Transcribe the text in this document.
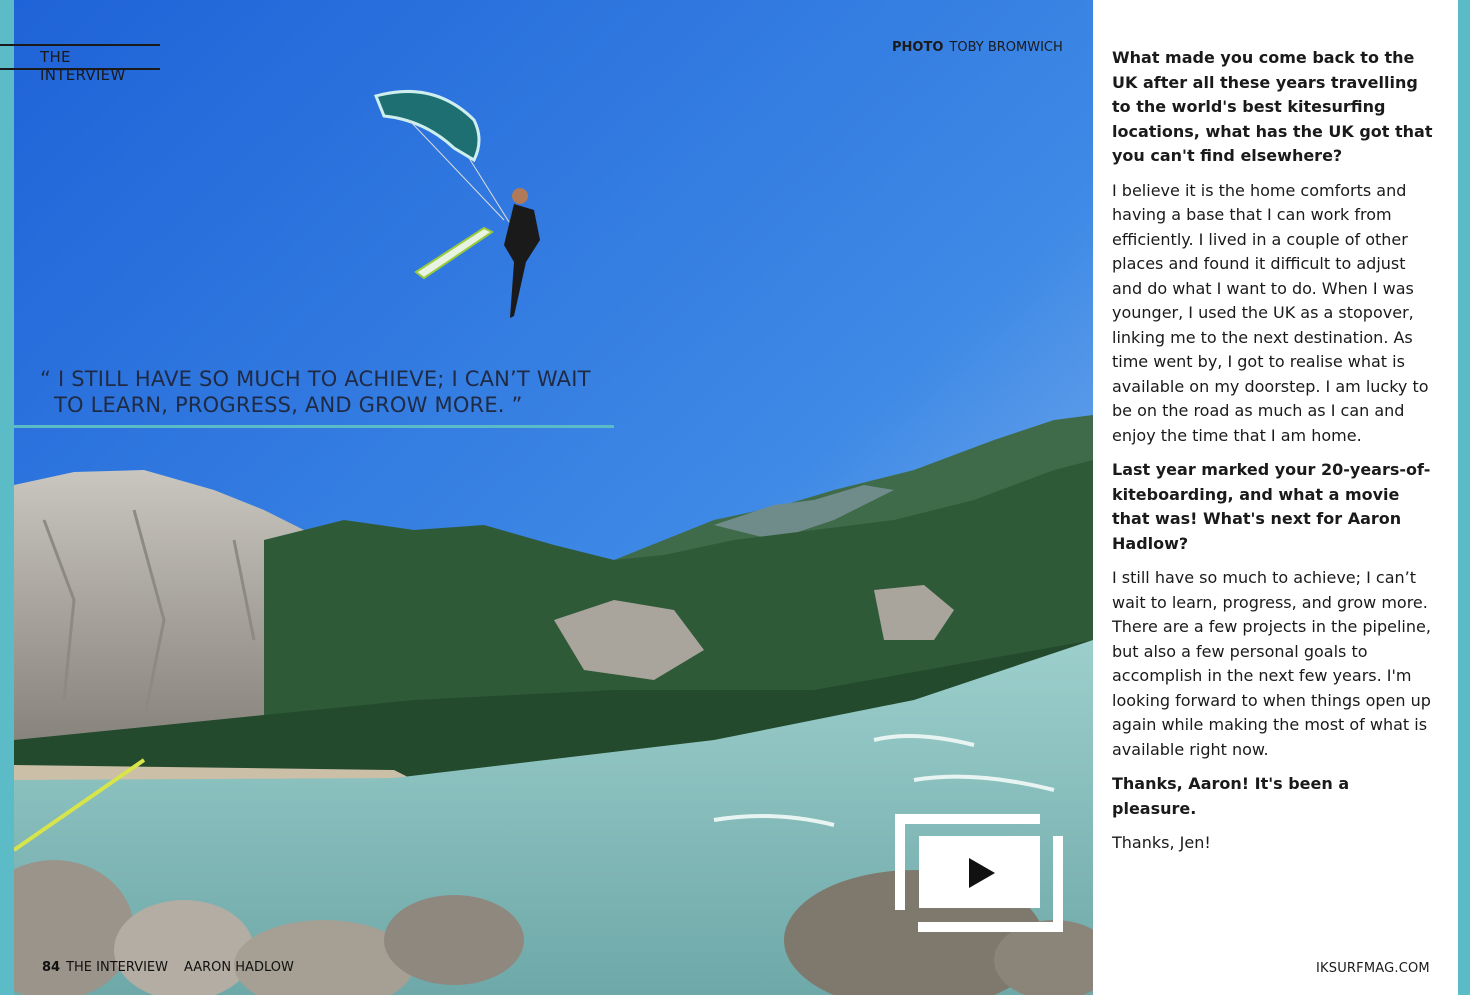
THE INTERVIEW
PHOTO TOBY BROMWICH
“ I STILL HAVE SO MUCH TO ACHIEVE; I CAN’T WAIT
TO LEARN, PROGRESS, AND GROW MORE. ”
84 THE INTERVIEW AARON HADLOW

What made you come back to the UK after all these years travelling to the world's best kitesurfing locations, what has the UK got that you can't find elsewhere?

I believe it is the home comforts and having a base that I can work from efficiently. I lived in a couple of other places and found it difficult to adjust and do what I want to do. When I was younger, I used the UK as a stopover, linking me to the next destination. As time went by, I got to realise what is available on my doorstep. I am lucky to be on the road as much as I can and enjoy the time that I am home.

Last year marked your 20-years-of-kiteboarding, and what a movie that was! What's next for Aaron Hadlow?

I still have so much to achieve; I can’t wait to learn, progress, and grow more. There are a few projects in the pipeline, but also a few personal goals to accomplish in the next few years. I'm looking forward to when things open up again while making the most of what is available right now.

Thanks, Aaron! It's been a pleasure.

Thanks, Jen!

IKSURFMAG.COM
